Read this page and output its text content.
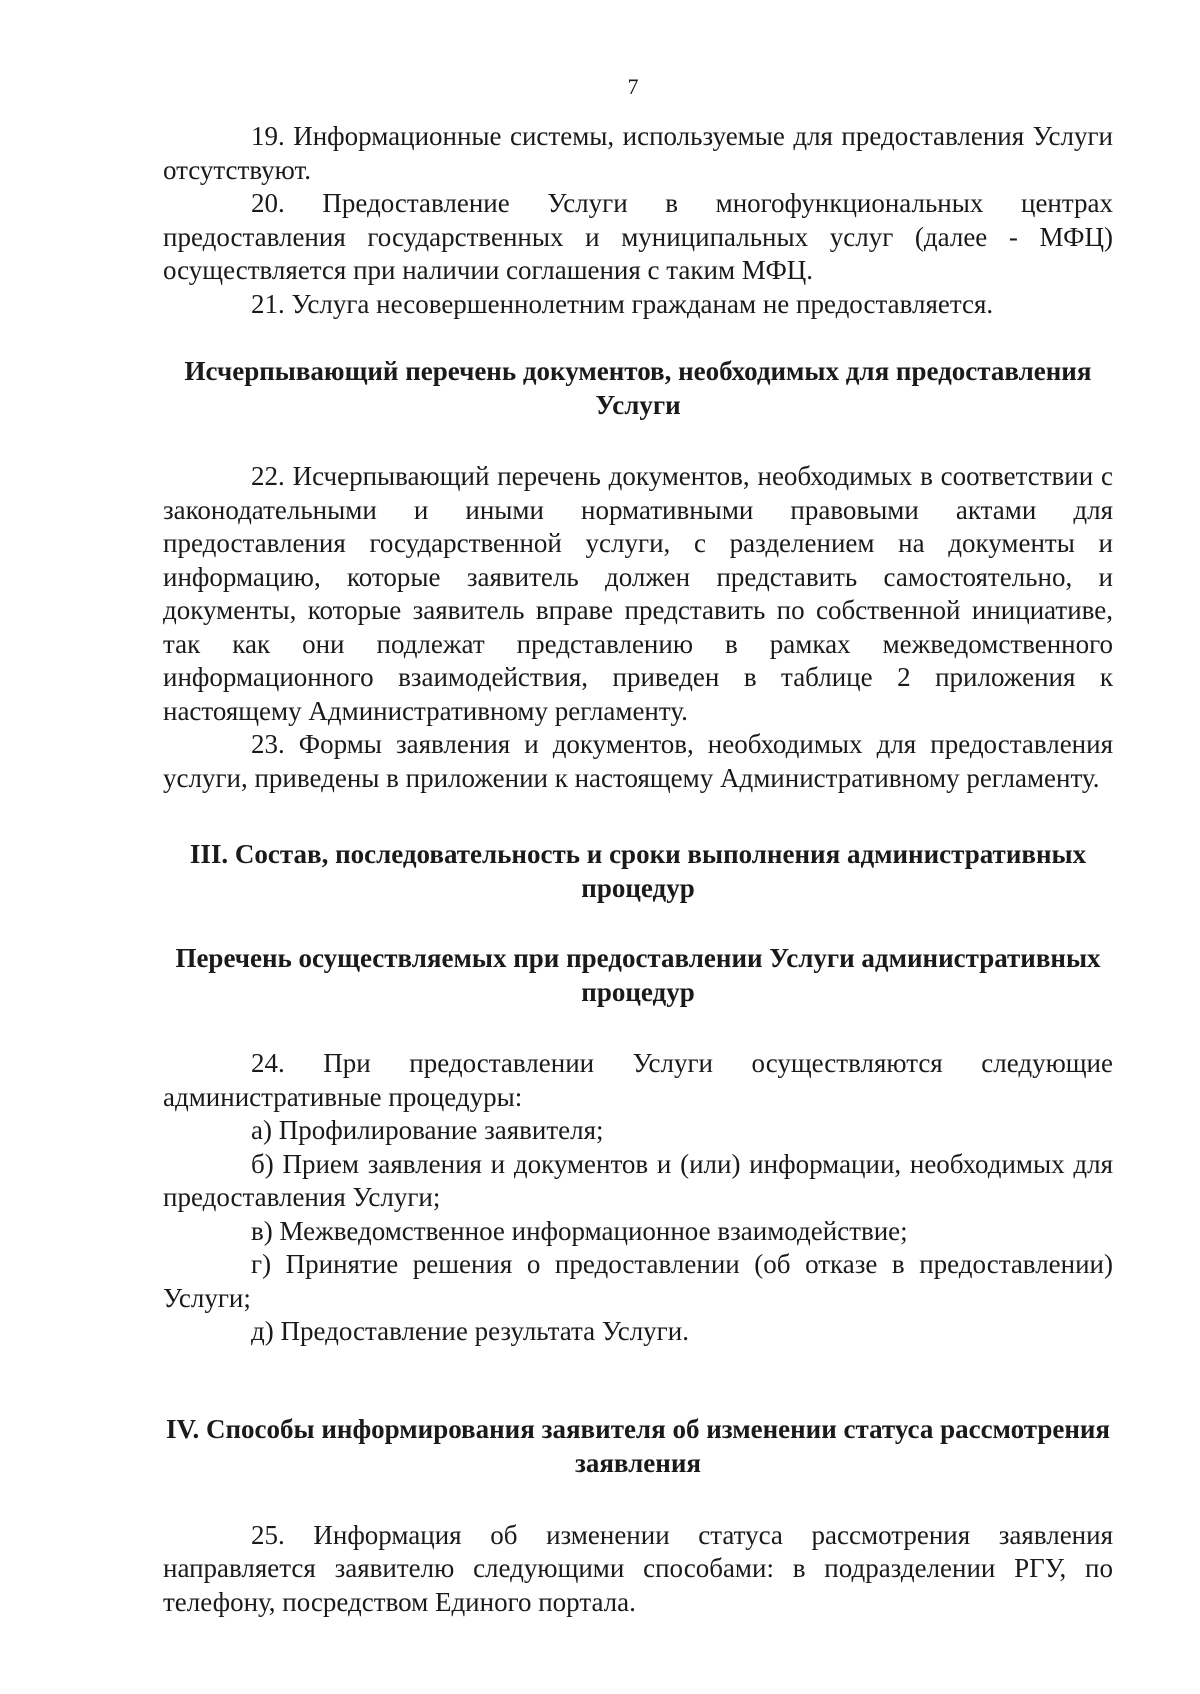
7

19. Информационные системы, используемые для предоставления Услуги отсутствуют.

20. Предоставление Услуги в многофункциональных центрах предоставления государственных и муниципальных услуг (далее - МФЦ) осуществляется при наличии соглашения с таким МФЦ.

21. Услуга несовершеннолетним гражданам не предоставляется.

Исчерпывающий перечень документов, необходимых для предоставления Услуги

22. Исчерпывающий перечень документов, необходимых в соответствии с законодательными и иными нормативными правовыми актами для предоставления государственной услуги, с разделением на документы и информацию, которые заявитель должен представить самостоятельно, и документы, которые заявитель вправе представить по собственной инициативе, так как они подлежат представлению в рамках межведомственного информационного взаимодействия, приведен в таблице 2 приложения к настоящему Административному регламенту.

23. Формы заявления и документов, необходимых для предоставления услуги, приведены в приложении к настоящему Административному регламенту.

III. Состав, последовательность и сроки выполнения административных процедур
Перечень осуществляемых при предоставлении Услуги административных процедур

24. При предоставлении Услуги осуществляются следующие административные процедуры:

а) Профилирование заявителя;

б) Прием заявления и документов и (или) информации, необходимых для предоставления Услуги;

в) Межведомственное информационное взаимодействие;

г) Принятие решения о предоставлении (об отказе в предоставлении) Услуги;

д) Предоставление результата Услуги.

IV. Способы информирования заявителя об изменении статуса рассмотрения заявления

25. Информация об изменении статуса рассмотрения заявления направляется заявителю следующими способами: в подразделении РГУ, по телефону, посредством Единого портала.
